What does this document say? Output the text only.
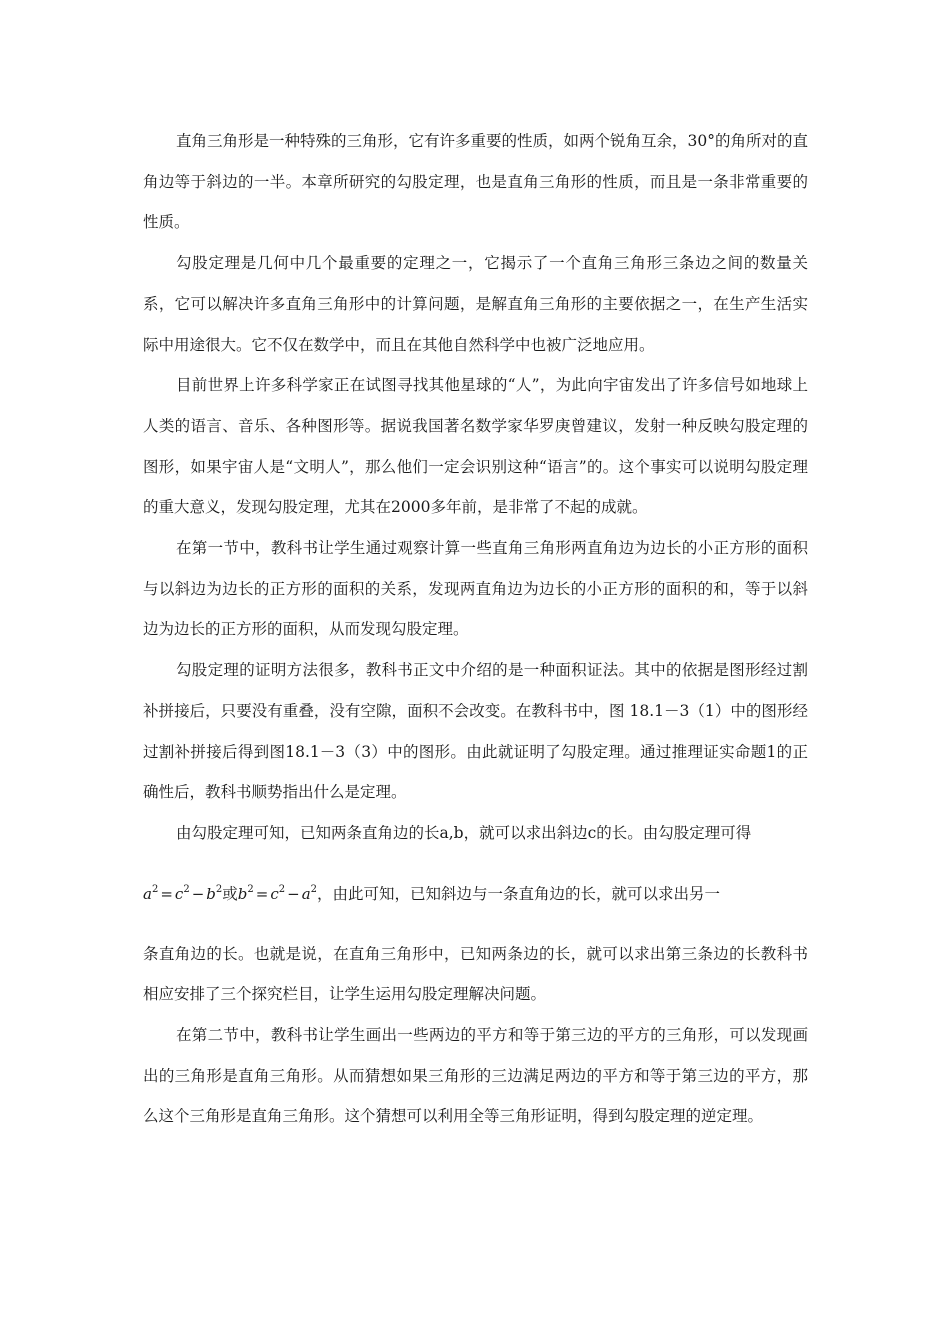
直角三角形是一种特殊的三角形，它有许多重要的性质，如两个锐角互余，30°的角所对的直角边等于斜边的一半。本章所研究的勾股定理，也是直角三角形的性质，而且是一条非常重要的性质。

勾股定理是几何中几个最重要的定理之一，它揭示了一个直角三角形三条边之间的数量关系，它可以解决许多直角三角形中的计算问题，是解直角三角形的主要依据之一，在生产生活实际中用途很大。它不仅在数学中，而且在其他自然科学中也被广泛地应用。

目前世界上许多科学家正在试图寻找其他星球的“人”，为此向宇宙发出了许多信号如地球上人类的语言、音乐、各种图形等。据说我国著名数学家华罗庚曾建议，发射一种反映勾股定理的图形，如果宇宙人是“文明人”，那么他们一定会识别这种“语言”的。这个事实可以说明勾股定理的重大意义，发现勾股定理，尤其在2000多年前，是非常了不起的成就。

在第一节中，教科书让学生通过观察计算一些直角三角形两直角边为边长的小正方形的面积与以斜边为边长的正方形的面积的关系，发现两直角边为边长的小正方形的面积的和，等于以斜边为边长的正方形的面积，从而发现勾股定理。

勾股定理的证明方法很多，教科书正文中介绍的是一种面积证法。其中的依据是图形经过割补拼接后，只要没有重叠，没有空隙，面积不会改变。在教科书中，图 18.1－3（1）中的图形经过割补拼接后得到图18.1－3（3）中的图形。由此就证明了勾股定理。通过推理证实命题1的正确性后，教科书顺势指出什么是定理。

由勾股定理可知，已知两条直角边的长a,b，就可以求出斜边c的长。由勾股定理可得

$a^2 = c^2 - b^2$或$b^2 = c^2 - a^2$，由此可知，已知斜边与一条直角边的长，就可以求出另一

条直角边的长。也就是说，在直角三角形中，已知两条边的长，就可以求出第三条边的长教科书相应安排了三个探究栏目，让学生运用勾股定理解决问题。

在第二节中，教科书让学生画出一些两边的平方和等于第三边的平方的三角形，可以发现画出的三角形是直角三角形。从而猜想如果三角形的三边满足两边的平方和等于第三边的平方，那么这个三角形是直角三角形。这个猜想可以利用全等三角形证明，得到勾股定理的逆定理。
